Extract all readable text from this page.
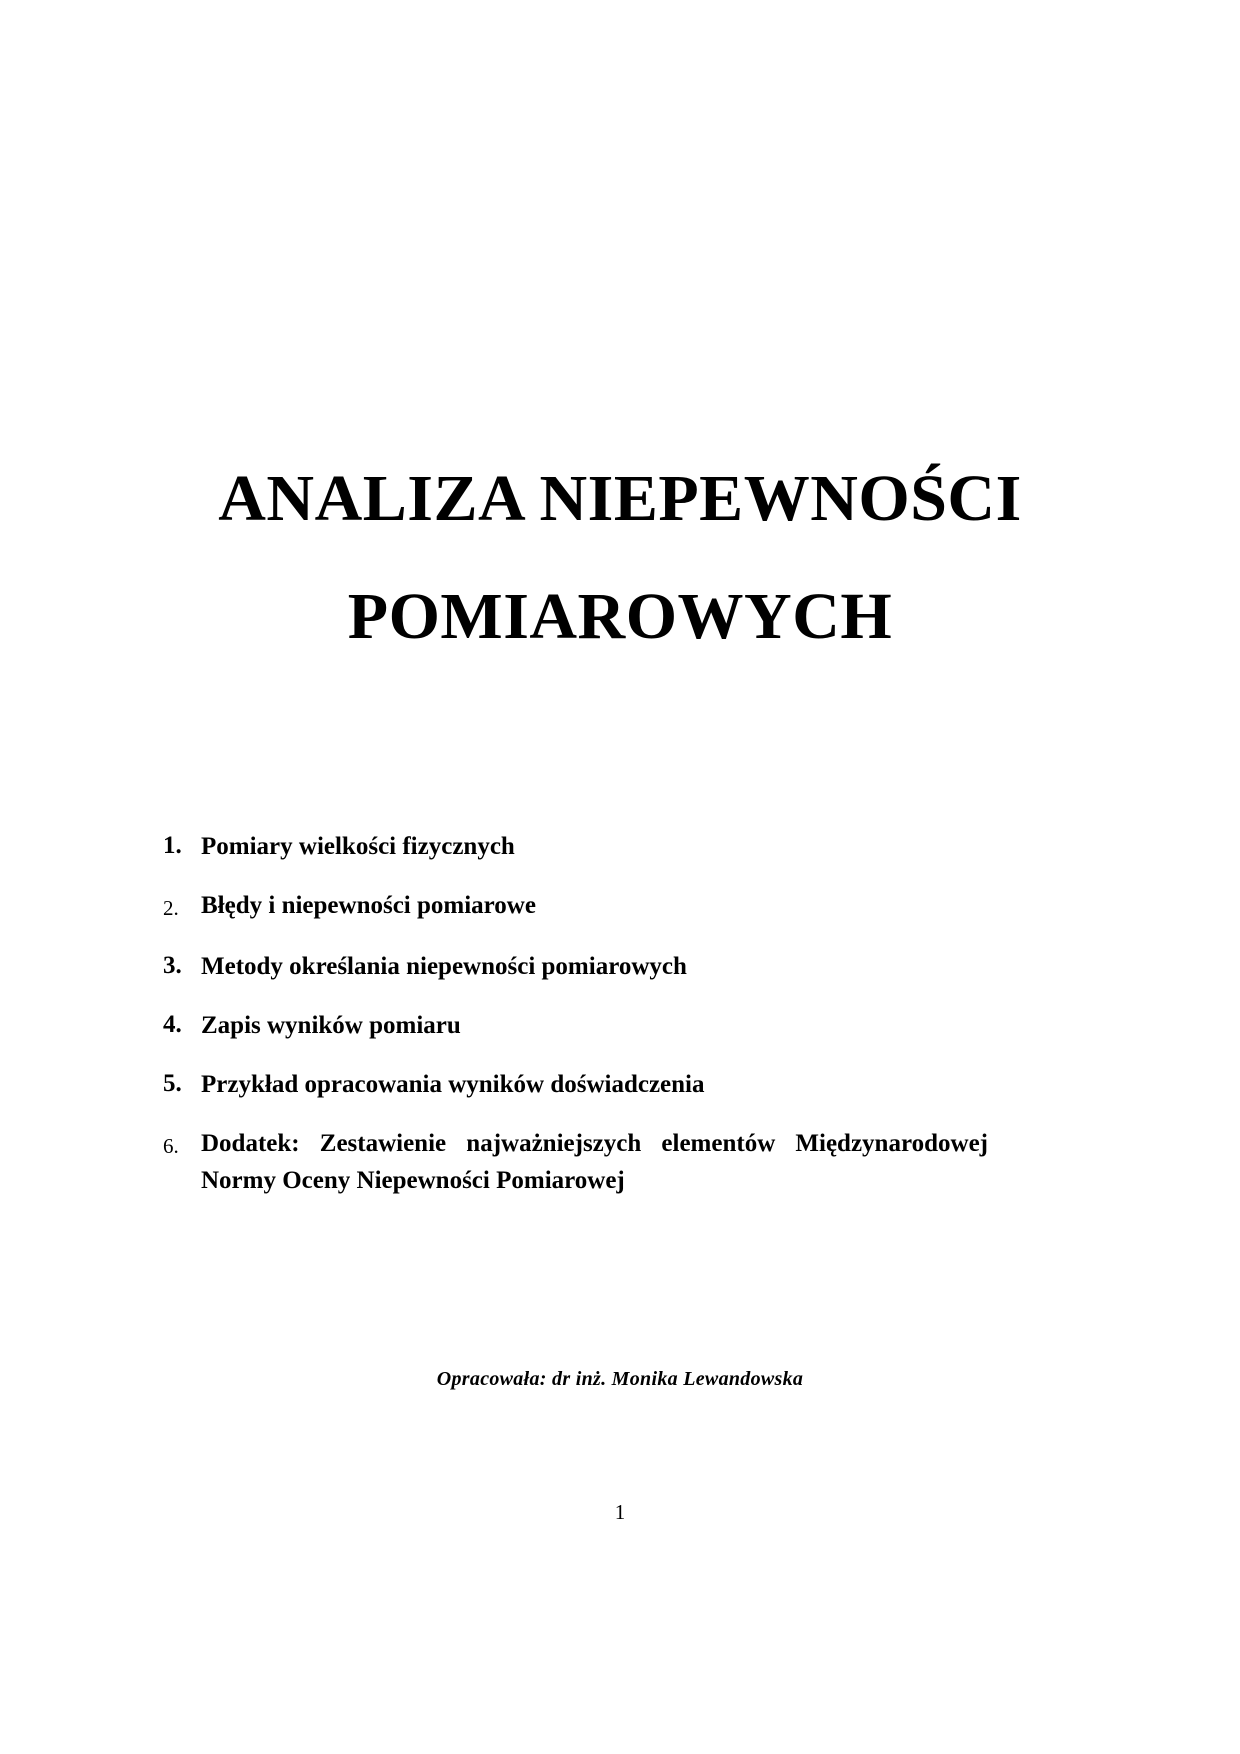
ANALIZA NIEPEWNOŚCI
POMIAROWYCH
1. Pomiary wielkości fizycznych
2. Błędy i niepewności pomiarowe
3. Metody określania niepewności pomiarowych
4. Zapis wyników pomiaru
5. Przykład opracowania wyników doświadczenia
6. Dodatek: Zestawienie najważniejszych elementów Międzynarodowej Normy Oceny Niepewności Pomiarowej
Opracowała: dr inż. Monika Lewandowska
1
